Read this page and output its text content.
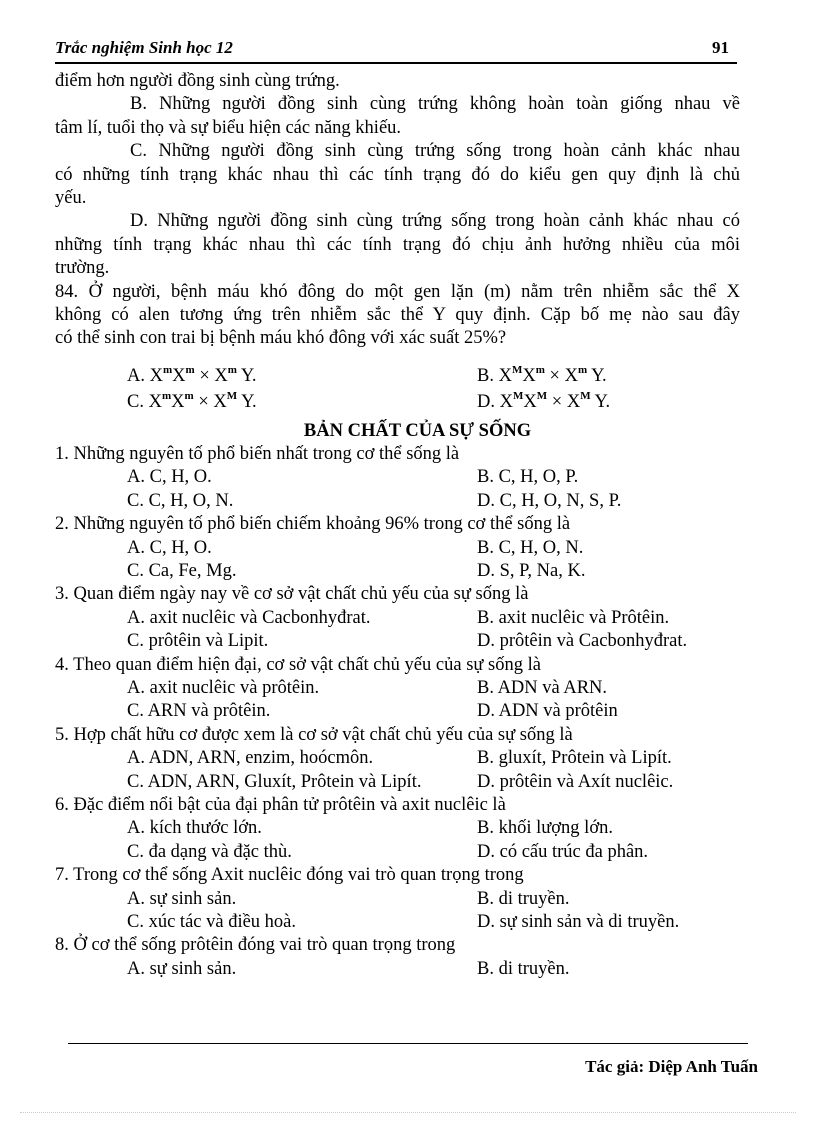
Trắc nghiệm Sinh học 12	91
điểm hơn người đồng sinh cùng trứng.
B. Những người đồng sinh cùng trứng không hoàn toàn giống nhau về
tâm lí, tuổi thọ và sự biểu hiện các năng khiếu.
C. Những người đồng sinh cùng trứng sống trong hoàn cảnh khác nhau
có những tính trạng khác nhau thì các tính trạng đó do kiểu gen quy định là chủ
yếu.
D. Những người đồng sinh cùng trứng sống trong hoàn cảnh khác nhau có
những tính trạng khác nhau thì các tính trạng đó chịu ảnh hưởng nhiều của môi
trường.
84. Ở người, bệnh máu khó đông do một gen lặn (m) nằm trên nhiễm sắc thể X
không có alen tương ứng trên nhiễm sắc thể Y quy định. Cặp bố mẹ nào sau đây
có thể sinh con trai bị bệnh máu khó đông với xác suất 25%?
A. $X^mX^m \times X^m$ Y.	B. $X^MX^m \times X^m$ Y.
C. $X^mX^m \times X^M$ Y.	D. $X^MX^M \times X^M$ Y.
BẢN CHẤT CỦA SỰ SỐNG
1. Những nguyên tố phổ biến nhất trong cơ thể sống là
A. C, H, O.	B. C, H, O, P.
C. C, H, O, N.	D. C, H, O, N, S, P.
2. Những nguyên tố phổ biến chiếm khoảng 96% trong cơ thể sống là
A. C, H, O.	B. C, H, O, N.
C. Ca, Fe, Mg.	D. S, P, Na, K.
3. Quan điểm ngày nay về cơ sở vật chất chủ yếu của sự sống là
A. axit nuclêic và Cacbonhyđrat.	B. axit nuclêic và Prôtêin.
C. prôtêin và Lipit.	D. prôtêin và Cacbonhyđrat.
4. Theo quan điểm hiện đại, cơ sở vật chất chủ yếu của sự sống là
A. axit nuclêic và prôtêin.	B. ADN và ARN.
C. ARN và prôtêin.	D. ADN và prôtêin
5. Hợp chất hữu cơ được xem là cơ sở vật chất chủ yếu của sự sống là
A. ADN, ARN, enzim, hoócmôn.	B. gluxít, Prôtein và Lipít.
C. ADN, ARN, Gluxít, Prôtein và Lipít.	D. prôtêin và Axít nuclêic.
6. Đặc điểm nổi bật của đại phân tử prôtêin và axit nuclêic là
A. kích thước lớn.	B. khối lượng lớn.
C. đa dạng và đặc thù.	D. có cấu trúc đa phân.
7. Trong cơ thể sống Axit nuclêic đóng vai trò quan trọng trong
A. sự sinh sản.	B. di truyền.
C. xúc tác và điều hoà.	D. sự sinh sản và di truyền.
8. Ở cơ thể sống prôtêin đóng vai trò quan trọng trong
A. sự sinh sản.	B. di truyền.
Tác giả: Diệp Anh Tuấn
